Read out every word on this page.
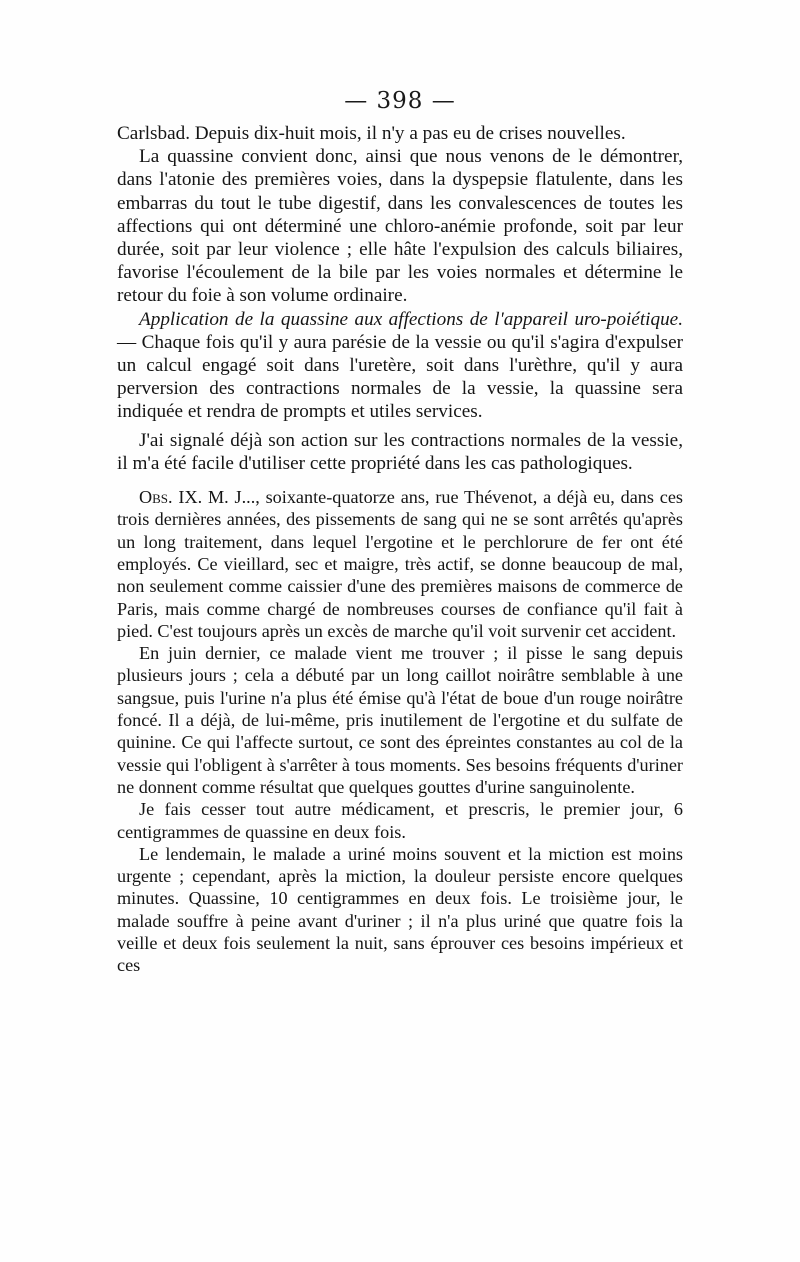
— 398 —

Carlsbad. Depuis dix-huit mois, il n'y a pas eu de crises nouvelles.

La quassine convient donc, ainsi que nous venons de le démontrer, dans l'atonie des premières voies, dans la dyspepsie flatulente, dans les embarras du tout le tube digestif, dans les convalescences de toutes les affections qui ont déterminé une chloro-anémie profonde, soit par leur durée, soit par leur violence ; elle hâte l'expulsion des calculs biliaires, favorise l'écoulement de la bile par les voies normales et détermine le retour du foie à son volume ordinaire.

Application de la quassine aux affections de l'appareil uro-poiétique. — Chaque fois qu'il y aura parésie de la vessie ou qu'il s'agira d'expulser un calcul engagé soit dans l'uretère, soit dans l'urèthre, qu'il y aura perversion des contractions normales de la vessie, la quassine sera indiquée et rendra de prompts et utiles services.

J'ai signalé déjà son action sur les contractions normales de la vessie, il m'a été facile d'utiliser cette propriété dans les cas pathologiques.

Obs. IX. M. J..., soixante-quatorze ans, rue Thévenot, a déjà eu, dans ces trois dernières années, des pissements de sang qui ne se sont arrêtés qu'après un long traitement, dans lequel l'ergotine et le perchlorure de fer ont été employés. Ce vieillard, sec et maigre, très actif, se donne beaucoup de mal, non seulement comme caissier d'une des premières maisons de commerce de Paris, mais comme chargé de nombreuses courses de confiance qu'il fait à pied. C'est toujours après un excès de marche qu'il voit survenir cet accident.

En juin dernier, ce malade vient me trouver ; il pisse le sang depuis plusieurs jours ; cela a débuté par un long caillot noirâtre semblable à une sangsue, puis l'urine n'a plus été émise qu'à l'état de boue d'un rouge noirâtre foncé. Il a déjà, de lui-même, pris inutilement de l'ergotine et du sulfate de quinine. Ce qui l'affecte surtout, ce sont des épreintes constantes au col de la vessie qui l'obligent à s'arrêter à tous moments. Ses besoins fréquents d'uriner ne donnent comme résultat que quelques gouttes d'urine sanguinolente.

Je fais cesser tout autre médicament, et prescris, le premier jour, 6 centigrammes de quassine en deux fois.

Le lendemain, le malade a uriné moins souvent et la miction est moins urgente ; cependant, après la miction, la douleur persiste encore quelques minutes. Quassine, 10 centigrammes en deux fois. Le troisième jour, le malade souffre à peine avant d'uriner ; il n'a plus uriné que quatre fois la veille et deux fois seulement la nuit, sans éprouver ces besoins impérieux et ces
